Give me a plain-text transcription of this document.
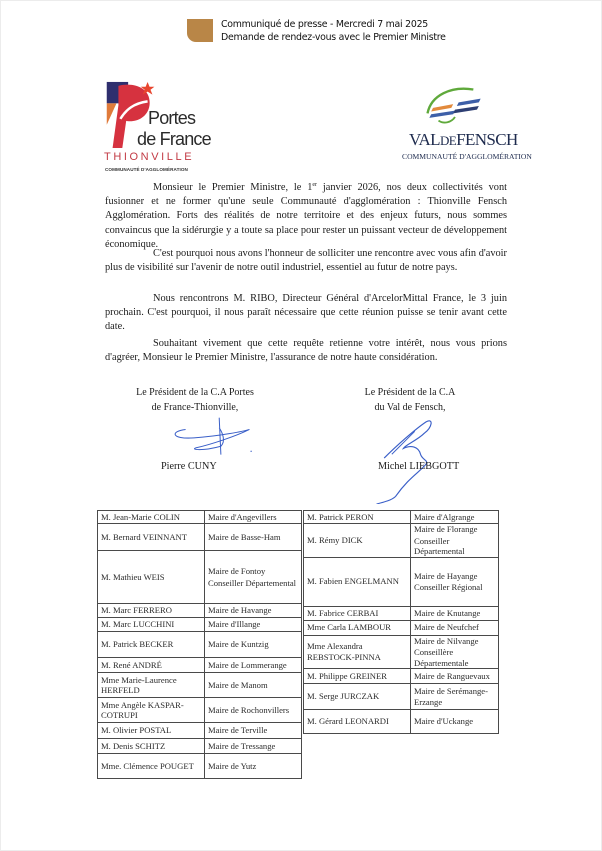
Communiqué de presse - Mercredi 7 mai 2025
Demande de rendez-vous avec le Premier Ministre
Portes
de France
THIONVILLE
COMMUNAUTÉ D'AGGLOMÉRATION
VALDEFENSCH
COMMUNAUTÉ D'AGGLOMÉRATION

Monsieur le Premier Ministre, le 1er janvier 2026, nos deux collectivités vont fusionner et ne former qu'une seule Communauté d'agglomération : Thionville Fensch Agglomération. Forts des réalités de notre territoire et des enjeux futurs, nous sommes convaincus que la sidérurgie y a toute sa place pour rester un puissant vecteur de développement économique.

C'est pourquoi nous avons l'honneur de solliciter une rencontre avec vous afin d'avoir plus de visibilité sur l'avenir de notre outil industriel, essentiel au futur de notre pays.

Nous rencontrons M. RIBO, Directeur Général d'ArcelorMittal France, le 3 juin prochain. C'est pourquoi, il nous paraît nécessaire que cette réunion puisse se tenir avant cette date.

Souhaitant vivement que cette requête retienne votre intérêt, nous vous prions d'agréer, Monsieur le Premier Ministre, l'assurance de notre haute considération.

Le Président de la C.A Portes
de France-Thionville,
Pierre CUNY
Le Président de la C.A
du Val de Fensch,
Michel LIEBGOTT
M. Jean-Marie COLIN	Maire d'Angevillers

M. Bernard VEINNANT	Maire de Basse-Ham

M. Mathieu WEIS	Maire de Fontoy
Conseiller Départemental

M. Marc FERRERO	Maire de Havange

M. Marc LUCCHINI	Maire d'Illange

M. Patrick BECKER	Maire de Kuntzig

M. René ANDRÉ	Maire de Lommerange

Mme Marie-Laurence HERFELD	Maire de Manom

Mme Angèle KASPAR-COTRUPI	Maire de Rochonvillers

M. Olivier POSTAL	Maire de Terville

M. Denis SCHITZ	Maire de Tressange

Mme. Clémence POUGET	Maire de Yutz
M. Patrick PERON	Maire d'Algrange

M. Rémy DICK	Maire de Florange
Conseiller Départemental

M. Fabien ENGELMANN	Maire de Hayange
Conseiller Régional

M. Fabrice CERBAI	Maire de Knutange

Mme Carla LAMBOUR	Maire de Neufchef

Mme Alexandra REBSTOCK-PINNA	Maire de Nilvange
Conseillère Départementale

M. Philippe GREINER	Maire de Ranguevaux

M. Serge JURCZAK	Maire de Serémange-Erzange

M. Gérard LEONARDI	Maire d'Uckange
